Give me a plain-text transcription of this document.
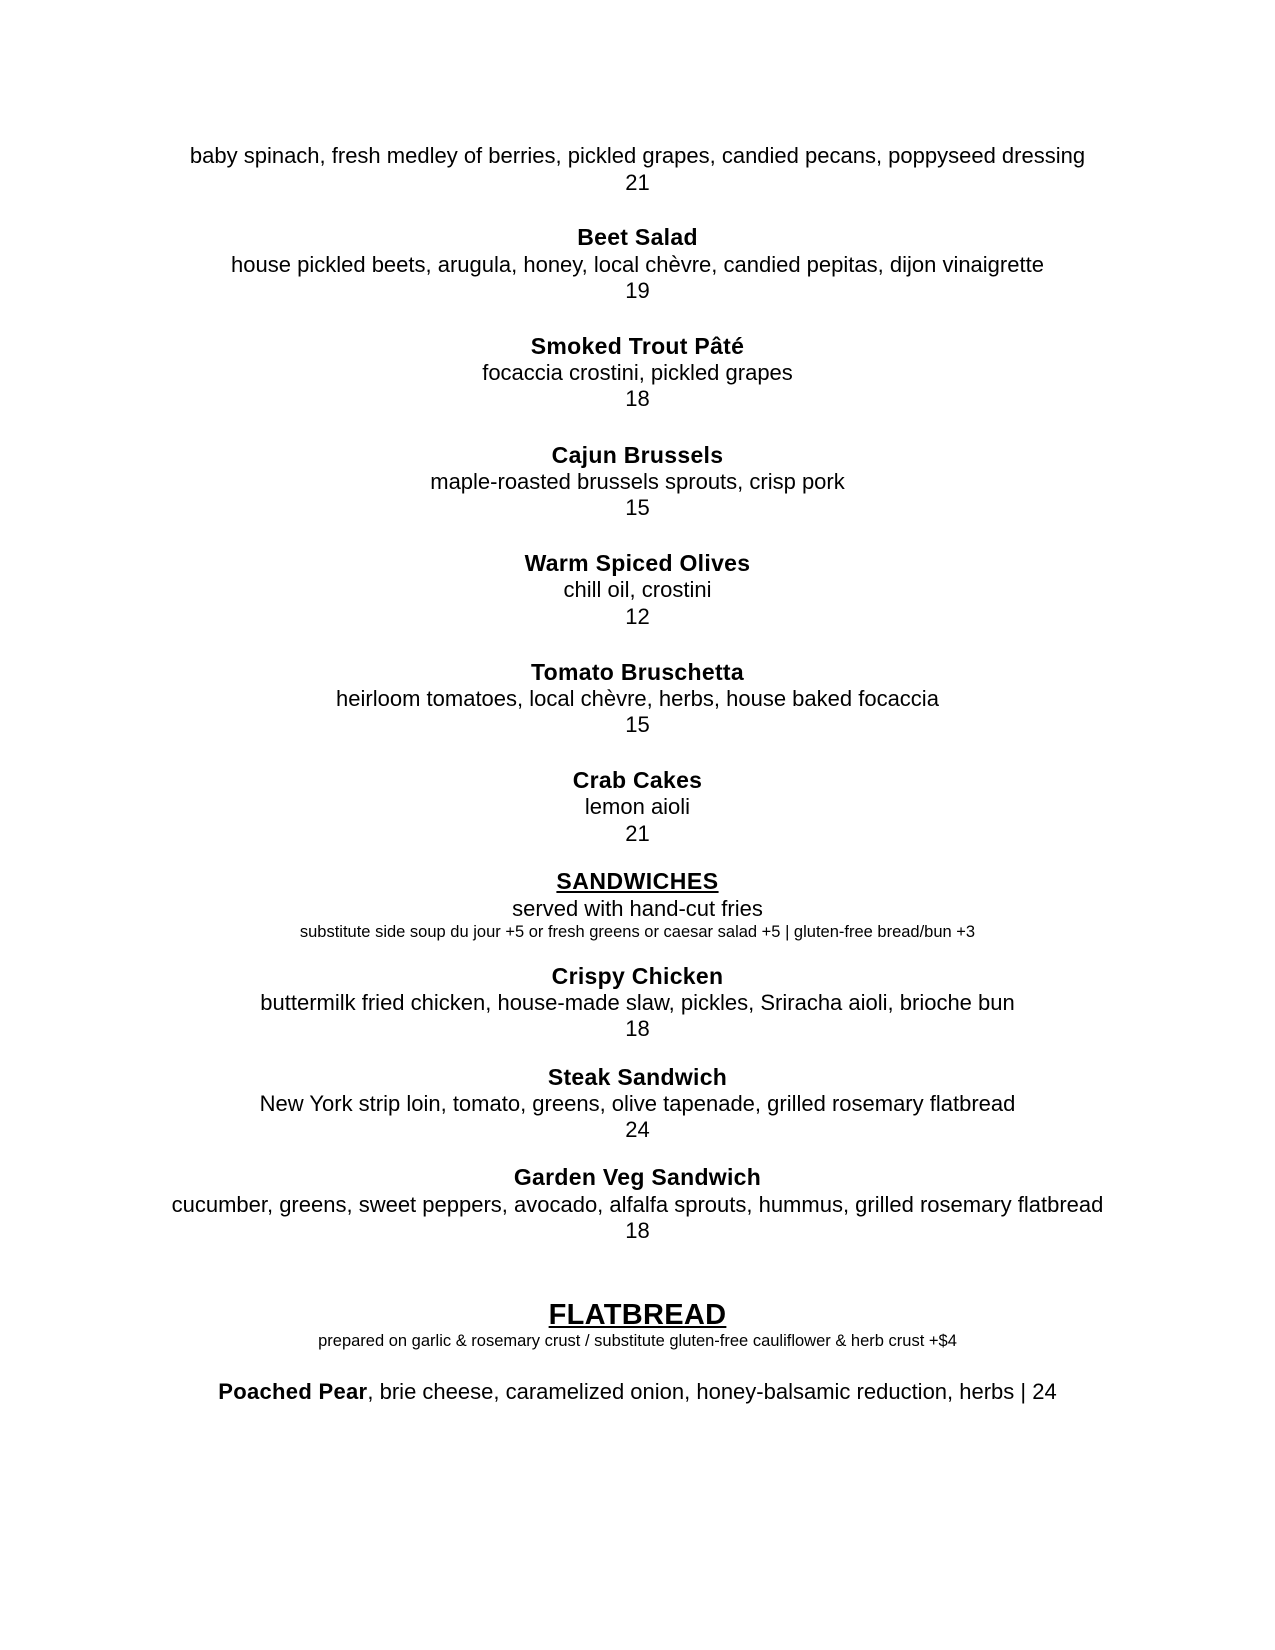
baby spinach, fresh medley of berries, pickled grapes, candied pecans, poppyseed dressing
21
Beet Salad
house pickled beets, arugula, honey, local chèvre, candied pepitas, dijon vinaigrette
19
Smoked Trout Pâté
focaccia crostini, pickled grapes
18
Cajun Brussels
maple-roasted brussels sprouts, crisp pork
15
Warm Spiced Olives
chill oil, crostini
12
Tomato Bruschetta
heirloom tomatoes, local chèvre, herbs, house baked focaccia
15
Crab Cakes
lemon aioli
21
SANDWICHES
served with hand-cut fries
substitute side soup du jour +5 or fresh greens or caesar salad +5 | gluten-free bread/bun +3
Crispy Chicken
buttermilk fried chicken, house-made slaw, pickles, Sriracha aioli, brioche bun
18
Steak Sandwich
New York strip loin, tomato, greens, olive tapenade, grilled rosemary flatbread
24
Garden Veg Sandwich
cucumber, greens, sweet peppers, avocado, alfalfa sprouts, hummus, grilled rosemary flatbread
18
FLATBREAD
prepared on garlic & rosemary crust / substitute gluten-free cauliflower & herb crust +$4
Poached Pear, brie cheese, caramelized onion, honey-balsamic reduction, herbs | 24
